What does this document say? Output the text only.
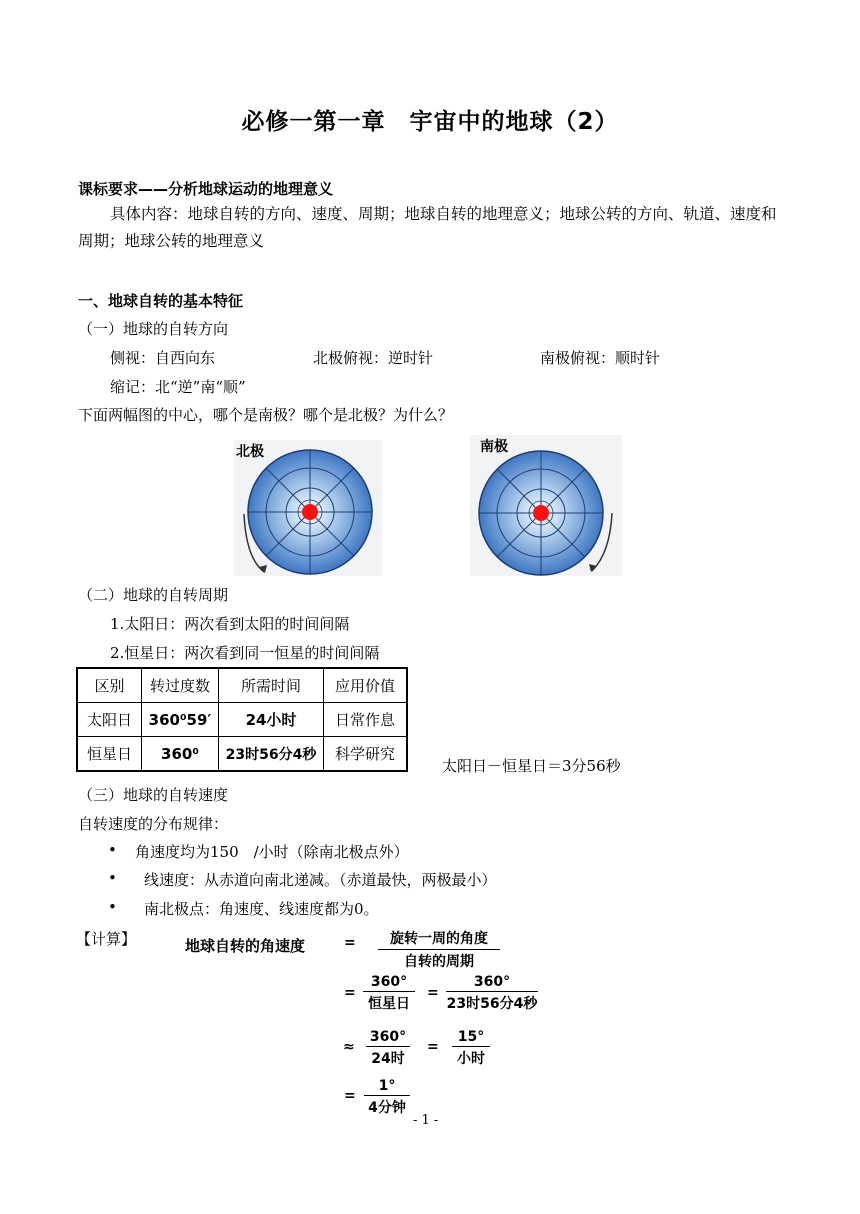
必修一第一章　宇宙中的地球（2）
课标要求——分析地球运动的地理意义
具体内容：地球自转的方向、速度、周期；地球自转的地理意义；地球公转的方向、轨道、速度和周期；地球公转的地理意义
一、地球自转的基本特征
（一）地球的自转方向
侧视：自西向东	北极俯视：逆时针	南极俯视：顺时针
缩记：北“逆”南“顺”
下面两幅图的中心，哪个是南极？哪个是北极？为什么？
北极	南极
（二）地球的自转周期
1.太阳日：两次看到太阳的时间间隔
2.恒星日：两次看到同一恒星的时间间隔
区别	转过度数	所需时间	应用价值
太阳日	360⁰59′	24小时	日常作息
恒星日	360⁰	23时56分4秒	科学研究
太阳日－恒星日＝3分56秒
（三）地球的自转速度
自转速度的分布规律：
• 角速度均为150　/小时（除南北极点外）
• 线速度：从赤道向南北递减。（赤道最快，两极最小）
• 南北极点：角速度、线速度都为0。
【计算】	地球自转的角速度	=	旋转一周的角度
自转的周期
=
360°
恒星日
=
360°
23时56分4秒
≈
360°
24时
=
15°
小时
=
1°
4分钟
- 1 -
